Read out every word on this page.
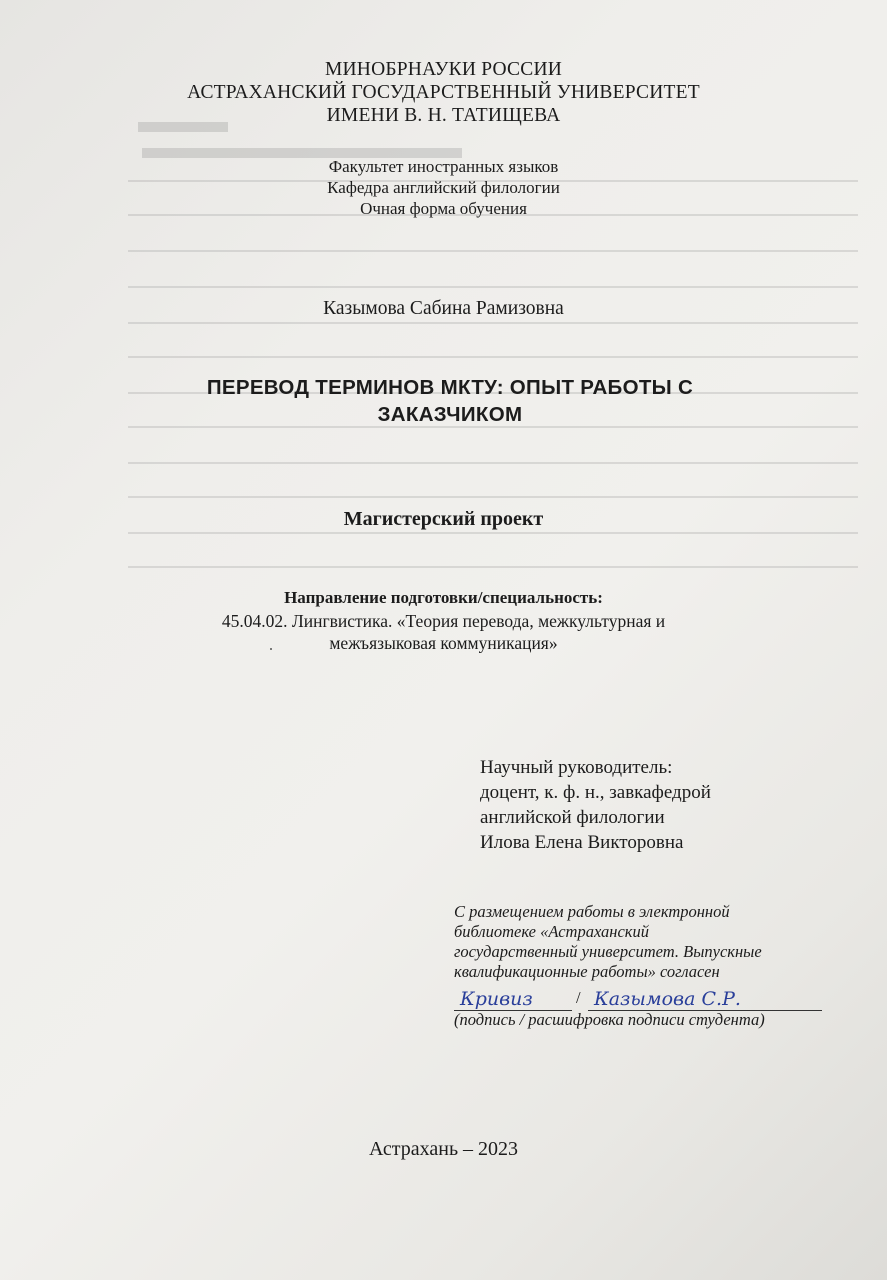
МИНОБРНАУКИ РОССИИ
АСТРАХАНСКИЙ ГОСУДАРСТВЕННЫЙ УНИВЕРСИТЕТ
ИМЕНИ В. Н. ТАТИЩЕВА
Факультет иностранных языков
Кафедра английский филологии
Очная форма обучения
Казымова Сабина Рамизовна
ПЕРЕВОД ТЕРМИНОВ МКТУ: ОПЫТ РАБОТЫ С
ЗАКАЗЧИКОМ
Магистерский проект
Направление подготовки/специальность:
45.04.02. Лингвистика. «Теория перевода, межкультурная и
межъязыковая коммуникация»
Научный руководитель:
доцент, к. ф. н., завкафедрой
английской филологии
Илова Елена Викторовна
С размещением работы в электронной
библиотеке «Астраханский
государственный университет. Выпускные
квалификационные работы» согласен
Кривиз	/ Казымова С.Р.
(подпись / расшифровка подписи студента)
Астрахань – 2023
